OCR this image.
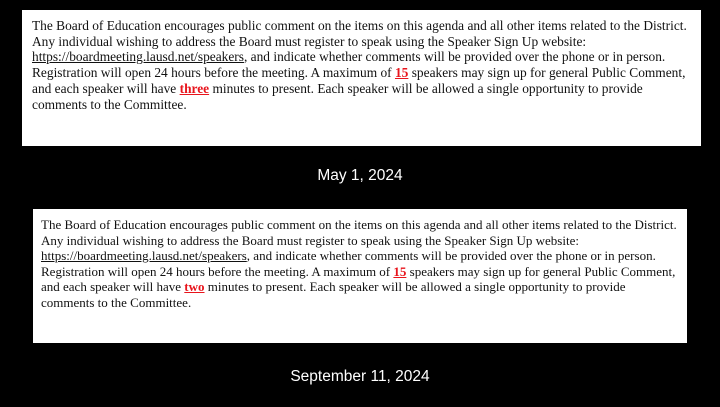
The Board of Education encourages public comment on the items on this agenda and all other items related to the District. Any individual wishing to address the Board must register to speak using the Speaker Sign Up website: https://boardmeeting.lausd.net/speakers, and indicate whether comments will be provided over the phone or in person. Registration will open 24 hours before the meeting. A maximum of 15 speakers may sign up for general Public Comment, and each speaker will have three minutes to present. Each speaker will be allowed a single opportunity to provide comments to the Committee.

May 1, 2024

The Board of Education encourages public comment on the items on this agenda and all other items related to the District. Any individual wishing to address the Board must register to speak using the Speaker Sign Up website: https://boardmeeting.lausd.net/speakers, and indicate whether comments will be provided over the phone or in person. Registration will open 24 hours before the meeting. A maximum of 15 speakers may sign up for general Public Comment, and each speaker will have two minutes to present. Each speaker will be allowed a single opportunity to provide comments to the Committee.

September 11, 2024
